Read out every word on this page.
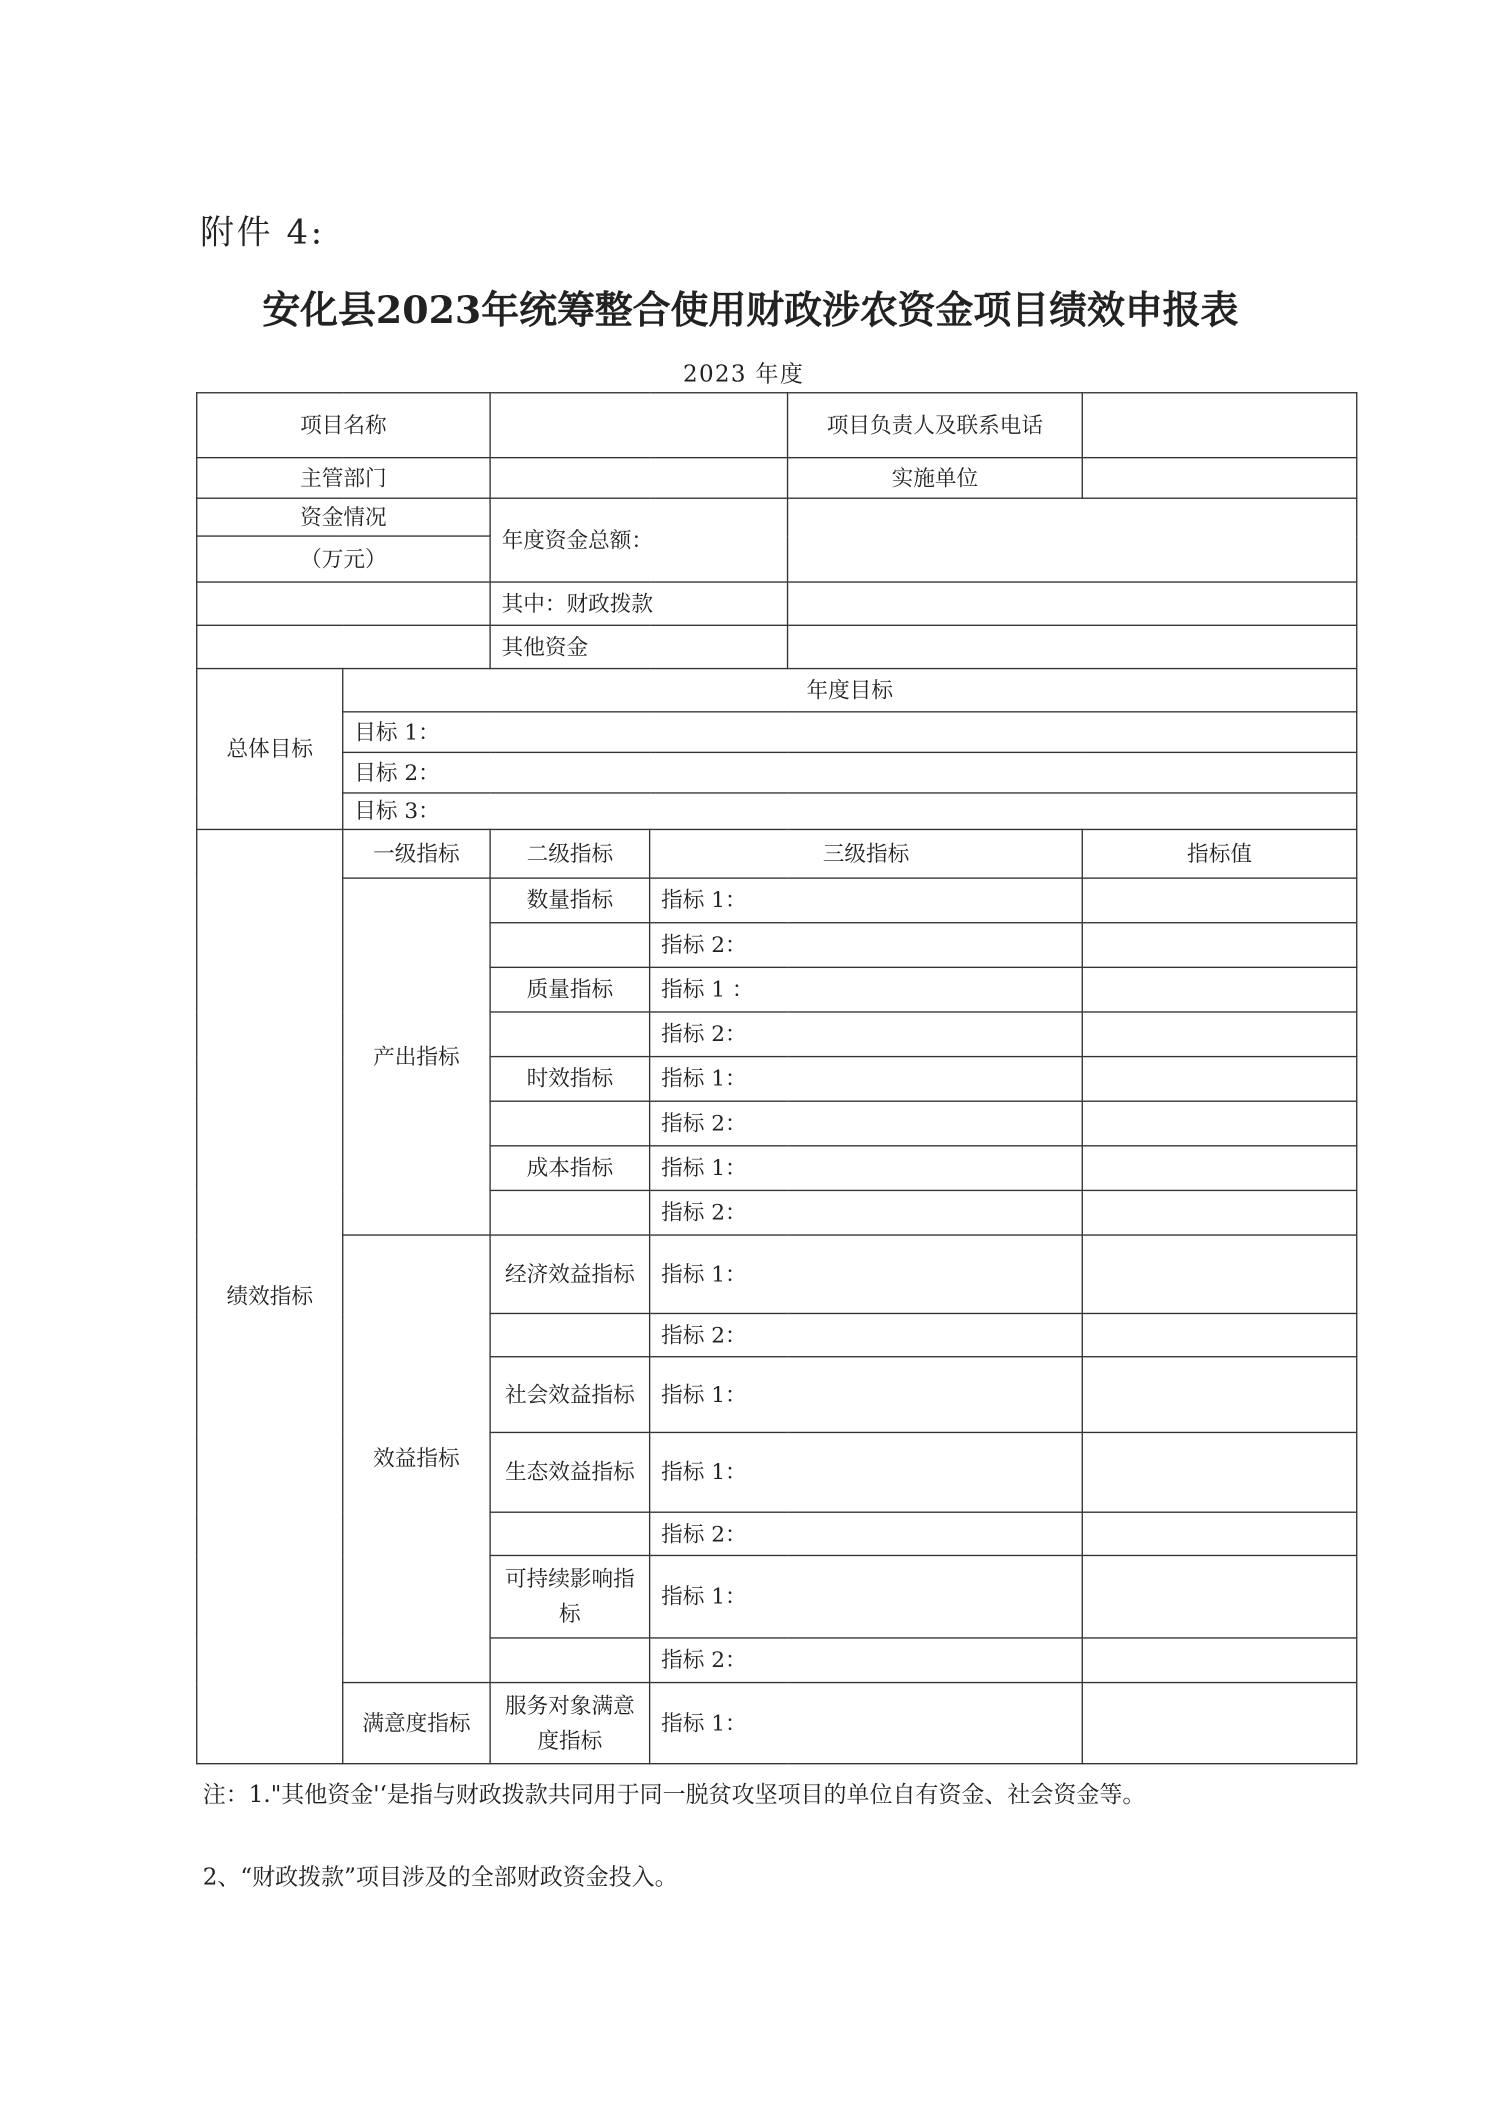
附件 4:
安化县2023年统筹整合使用财政涉农资金项目绩效申报表
2023 年度
项目名称				项目负责人及联系电话	
主管部门				实施单位	
资金情况		年度资金总额：			
（万元）					
		其中：财政拨款			
		其他资金			
总体目标	年度目标				
	目标 1：				
	目标 2：				
	目标 3：				
绩效指标	一级指标	二级指标	三级指标		指标值
	产出指标	数量指标	指标 1：		
			指标 2：		
		质量指标	指标 1 ：		
			指标 2：		
		时效指标	指标 1：		
			指标 2：		
		成本指标	指标 1：		
			指标 2：		
	效益指标	经济效益指标	指标 1：		
			指标 2：		
		社会效益指标	指标 1：		
		生态效益指标	指标 1：		
			指标 2：		
		可持续影响指标	指标 1：		
			指标 2：		
	满意度指标	服务对象满意度指标	指标 1：		
注：1."其他资金'‘是指与财政拨款共同用于同一脱贫攻坚项目的单位自有资金、社会资金等。
2、“财政拨款”项目涉及的全部财政资金投入。
